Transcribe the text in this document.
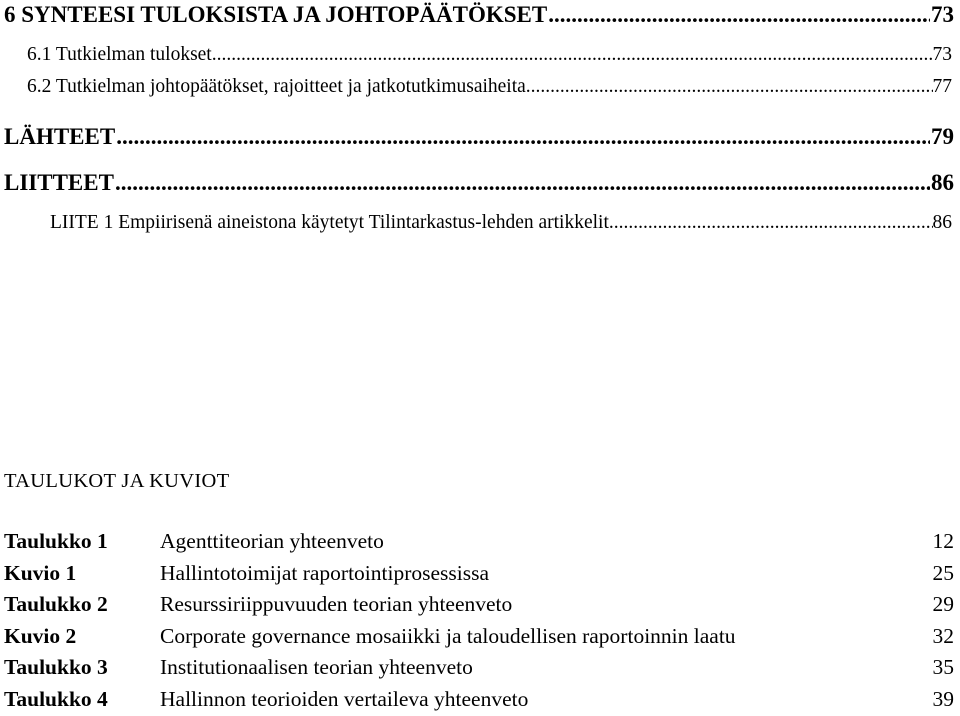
6 SYNTEESI TULOKSISTA JA JOHTOPÄÄTÖKSET .....	73
6.1 Tutkielman tulokset .....	73
6.2 Tutkielman johtopäätökset, rajoitteet ja jatkotutkimusaiheita .....	77
LÄHTEET .....	79
LIITTEET .....	86
LIITE 1 Empiirisenä aineistona käytetyt Tilintarkastus-lehden artikkelit .....	86
TAULUKOT JA KUVIOT
Taulukko 1 Agenttiteorian yhteenveto	12
Kuvio 1	Hallintotoimijat raportointiprosessissa	25
Taulukko 2 Resurssiriippuvuuden teorian yhteenveto	29
Kuvio 2	Corporate governance mosaiikki ja taloudellisen raportoinnin laatu	32
Taulukko 3 Institutionaalisen teorian yhteenveto	35
Taulukko 4 Hallinnon teorioiden vertaileva yhteenveto	39
